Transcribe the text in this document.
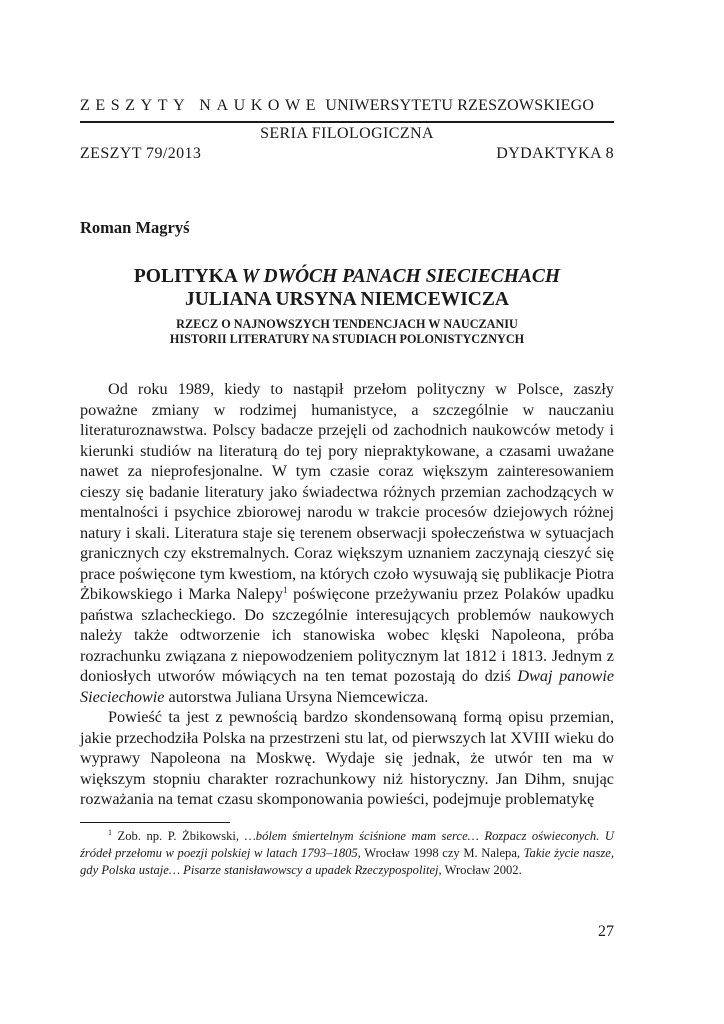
ZESZYTY NAUKOWE UNIWERSYTETU RZESZOWSKIEGO
SERIA FILOLOGICZNA
ZESZYT 79/2013	DYDAKTYKA 8
Roman Magryś
POLITYKA W DWÓCH PANACH SIECIECHACH
JULIANA URSYNA NIEMCEWICZA
RZECZ O NAJNOWSZYCH TENDENCJACH W NAUCZANIU
HISTORII LITERATURY NA STUDIACH POLONISTYCZNYCH

Od roku 1989, kiedy to nastąpił przełom polityczny w Polsce, zaszły poważne zmiany w rodzimej humanistyce, a szczególnie w nauczaniu literaturoznawstwa. Polscy badacze przejęli od zachodnich naukowców metody i kierunki studiów na literaturą do tej pory niepraktykowane, a czasami uważane nawet za nieprofesjonalne. W tym czasie coraz większym zainteresowaniem cieszy się badanie literatury jako świadectwa różnych przemian zachodzących w mentalności i psychice zbiorowej narodu w trakcie procesów dziejowych różnej natury i skali. Literatura staje się terenem obserwacji społeczeństwa w sytuacjach granicznych czy ekstremalnych. Coraz większym uznaniem zaczynają cieszyć się prace poświęcone tym kwestiom, na których czoło wysuwają się publikacje Piotra Żbikowskiego i Marka Nalepy$^1$ poświęcone przeżywaniu przez Polaków upadku państwa szlacheckiego. Do szczególnie interesujących problemów naukowych należy także odtworzenie ich stanowiska wobec klęski Napoleona, próba rozrachunku związana z niepowodzeniem politycznym lat 1812 i 1813. Jednym z doniosłych utworów mówiących na ten temat pozostają do dziś Dwaj panowie Sieciechowie autorstwa Juliana Ursyna Niemcewicza.

Powieść ta jest z pewnością bardzo skondensowaną formą opisu przemian, jakie przechodziła Polska na przestrzeni stu lat, od pierwszych lat XVIII wieku do wyprawy Napoleona na Moskwę. Wydaje się jednak, że utwór ten ma w większym stopniu charakter rozrachunkowy niż historyczny. Jan Dihm, snując rozważania na temat czasu skomponowania powieści, podejmuje problematykę

$^1$ Zob. np. P. Żbikowski, …bólem śmiertelnym ściśnione mam serce… Rozpacz oświeconych. U źródeł przełomu w poezji polskiej w latach 1793–1805, Wrocław 1998 czy M. Nalepa, Takie życie nasze, gdy Polska ustaje… Pisarze stanisławowscy a upadek Rzeczypospolitej, Wrocław 2002.
27
